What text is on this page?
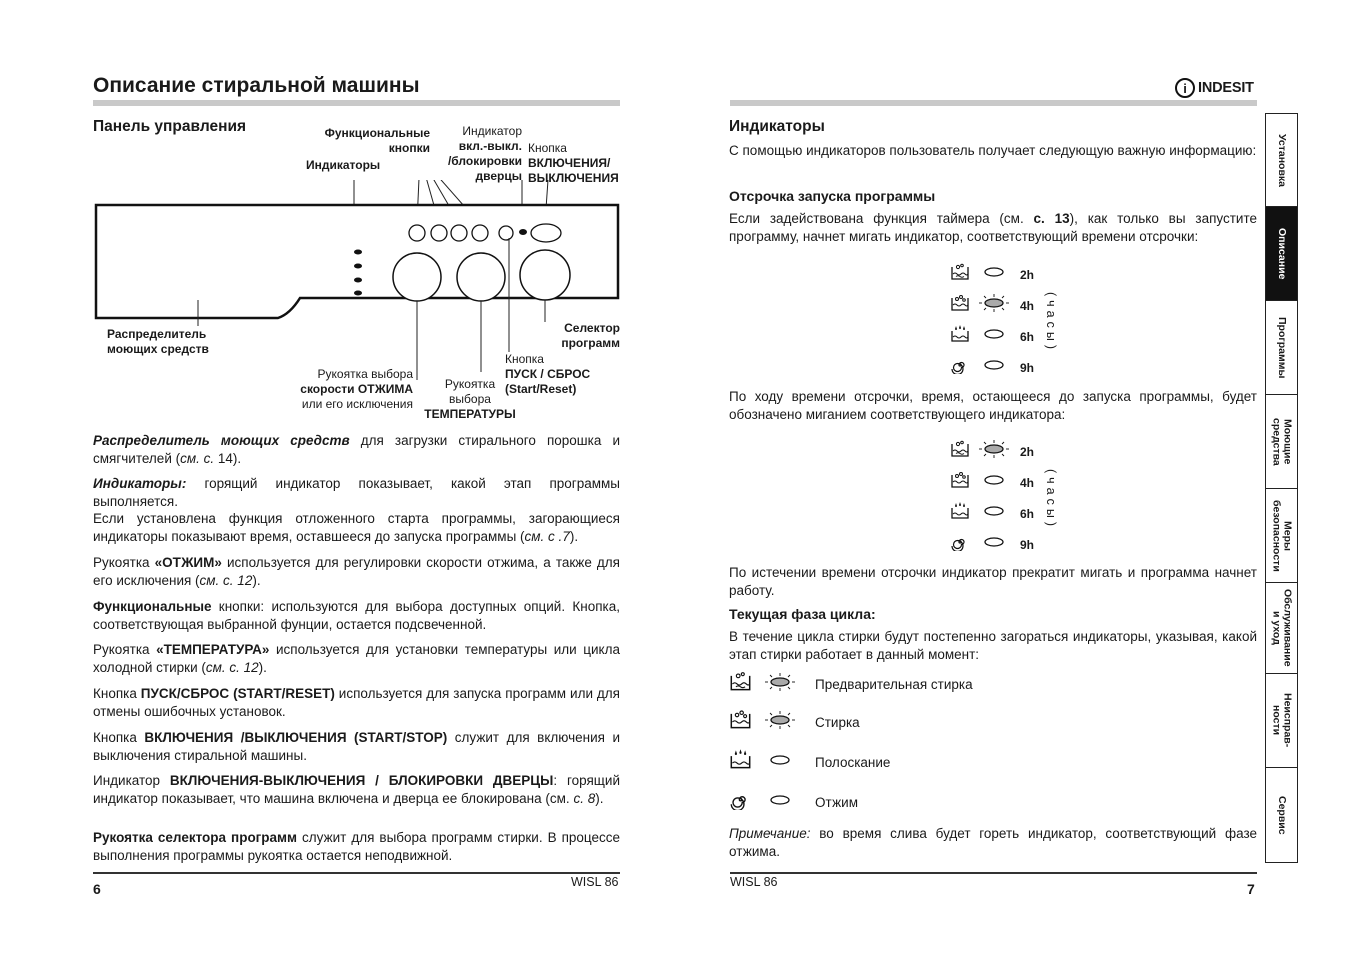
Описание стиральной машины
Панель управления	Функциональные
кнопки
Индикаторы
Индикатор
вкл.-выкл.
/блокировки
дверцы
Кнопка
ВКЛЮЧЕНИЯ/
ВЫКЛЮЧЕНИЯ
Распределитель
моющих средств
Рукоятка выбора
скорости ОТЖИМА
или его исключения
Рукоятка
выбора
ТЕМПЕРАТУРЫ
Кнопка
ПУСК / СБРОС
(Start/Reset)
Селектор
программ
Распределитель моющих средств для загрузки стирального порошка и смягчителей (см. с. 14).
Индикаторы: горящий индикатор показывает, какой этап программы выполняется.
Если установлена функция отложенного старта программы, загорающиеся индикаторы показывают время, оставшееся до запуска программы (см. с .7).
Рукоятка «ОТЖИМ» используется для регулировки скорости отжима, а также для его исключения (см. с. 12).
Функциональные кнопки: используются для выбора доступных опций. Кнопка, соответствующая выбранной фунции, остается подсвеченной.
Рукоятка «ТЕМПЕРАТУРА» используется для установки температуры или цикла холодной стирки (см. с. 12).
Кнопка ПУСК/СБРОС (START/RESET) используется для запуска программ или для отмены ошибочных установок.
Кнопка ВКЛЮЧЕНИЯ /ВЫКЛЮЧЕНИЯ (START/STOP) служит для включения и выключения стиральной машины.
Индикатор ВКЛЮЧЕНИЯ-ВЫКЛЮЧЕНИЯ / БЛОКИРОВКИ ДВЕРЦЫ: горящий индикатор показывает, что машина включена и дверца ее блокирована (см. с. 8).
Рукоятка селектора программ служит для выбора программ стирки. В процессе выполнения программы рукоятка остается неподвижной.
6	WISL 86
i INDESIT
Индикаторы
С помощью индикаторов пользователь получает следующую важную информацию:
Отсрочка запуска программы
Если задействована функция таймера (см. с. 13), как только вы запустите программу, начнет мигать индикатор, соответствующий времени отсрочки:
2h
4h
6h
9h
(часы)
По ходу времени отсрочки, время, остающееся до запуска программы, будет обозначено миганием соответствующего индикатора:
2h
4h
6h
9h
(часы)
По истечении времени отсрочки индикатор прекратит мигать и программа начнет работу.
Текущая фаза цикла:
В течение цикла стирки будут постепенно загораться индикаторы, указывая, какой этап стирки работает в данный момент:
Предварительная стирка
Стирка
Полоскание
Отжим
Примечание: во время слива будет гореть индикатор, соответствующий фазе отжима.
WISL 86	7
Установка
Описание
Программы
Моющие
средства
Меры
безопасности
Обслуживание
и уход
Неисправ-
ности
Сервис
